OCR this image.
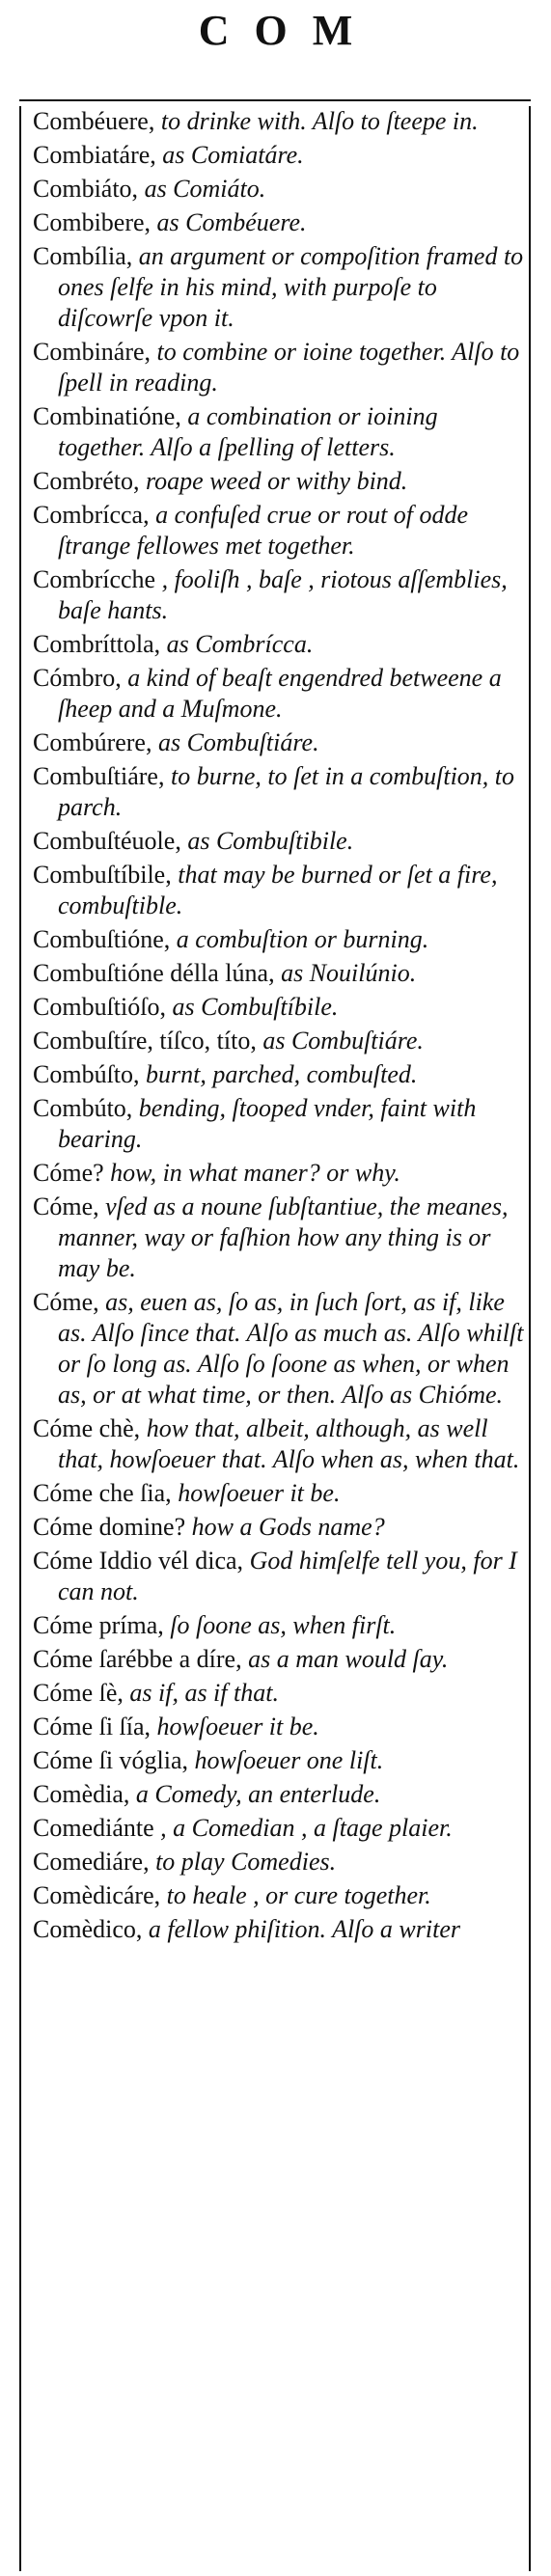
COM

Combéuere, to drinke with. Alſo to ſteepe in.

Combiatáre, as Comiatáre.

Combiáto, as Comiáto.

Combibere, as Combéuere.

Combília, an argument or compoſition framed to ones ſelfe in his mind, with purpoſe to diſcowrſe vpon it.

Combináre, to combine or ioine together. Alſo to ſpell in reading.

Combinatióne, a combination or ioining together. Alſo a ſpelling of letters.

Combréto, roape weed or withy bind.

Combrícca, a confuſed crue or rout of odde ſtrange fellowes met together.

Combrícche , fooliſh , baſe , riotous aſſemblies, baſe hants.

Combríttola, as Combrícca.

Cómbro, a kind of beaſt engendred betweene a ſheep and a Muſmone.

Combúrere, as Combuſtiáre.

Combuſtiáre, to burne, to ſet in a combuſtion, to parch.

Combuſtéuole, as Combuſtibile.

Combuſtíbile, that may be burned or ſet a fire, combuſtible.

Combuſtióne, a combuſtion or burning.

Combuſtióne délla lúna, as Nouilúnio.

Combuſtióſo, as Combuſtíbile.

Combuſtíre, tíſco, títo, as Combuſtiáre.

Combúſto, burnt, parched, combuſted.

Combúto, bending, ſtooped vnder, faint with bearing.

Cóme? how, in what maner? or why.

Cóme, vſed as a noune ſubſtantiue, the meanes, manner, way or faſhion how any thing is or may be.

Cóme, as, euen as, ſo as, in ſuch ſort, as if, like as. Alſo ſince that. Alſo as much as. Alſo whilſt or ſo long as. Alſo ſo ſoone as when, or when as, or at what time, or then. Alſo as Chióme.

Cóme chè, how that, albeit, although, as well that, howſoeuer that. Alſo when as, when that.

Cóme che ſia, howſoeuer it be.

Cóme domine? how a Gods name?

Cóme Iddio vél dica, God himſelfe tell you, for I can not.

Cóme príma, ſo ſoone as, when firſt.

Cóme ſarébbe a díre, as a man would ſay.

Cóme ſè, as if, as if that.

Cóme ſi ſía, howſoeuer it be.

Cóme ſi vóglia, howſoeuer one liſt.

Comèdia, a Comedy, an enterlude.

Comediánte , a Comedian , a ſtage plaier.

Comediáre, to play Comedies.

Comèdicáre, to heale , or cure together.

Comèdico, a fellow phiſition. Alſo a writer
